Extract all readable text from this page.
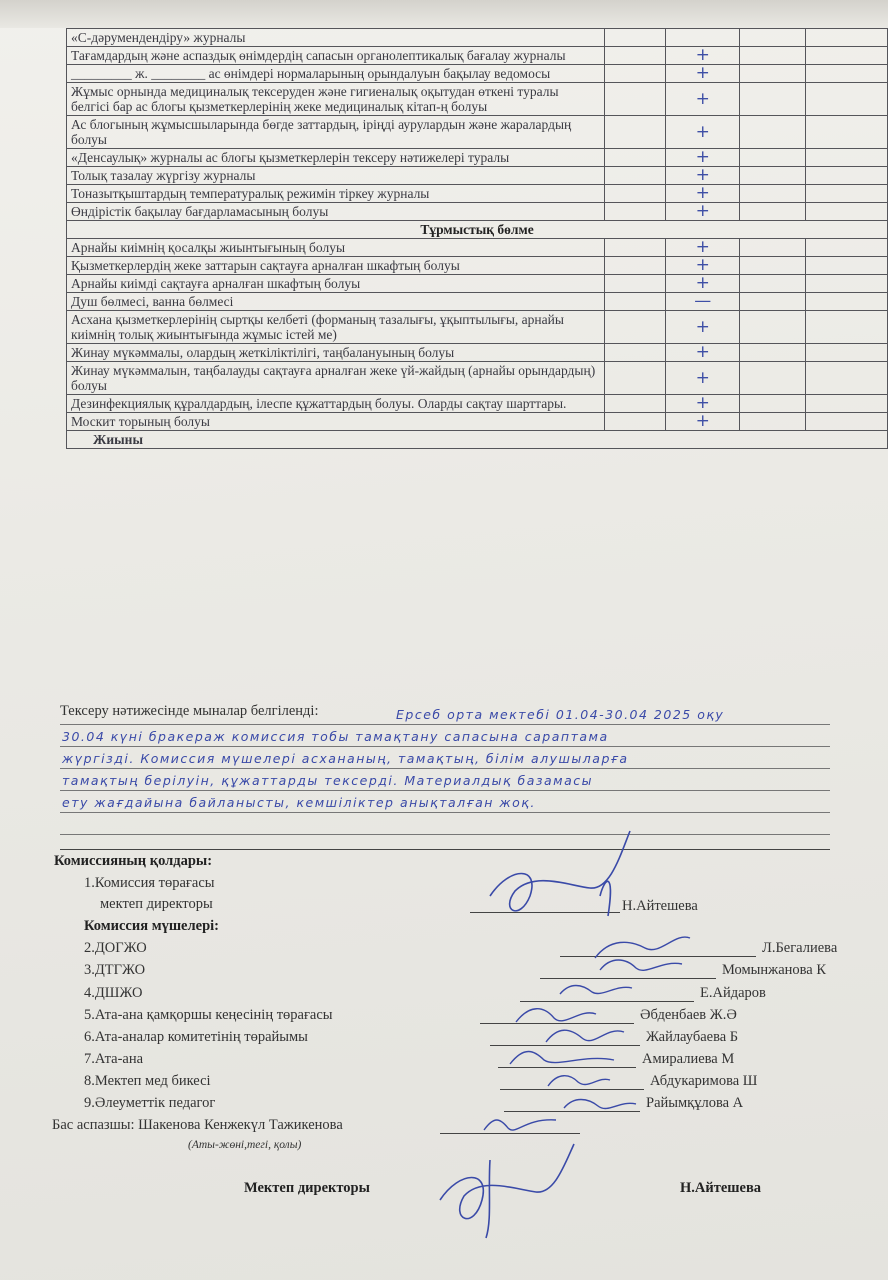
«С-дәрумендендіру» журналы				
Тағамдардың және аспаздық өнімдердің сапасын органолептикалық бағалау журналы		+		
_________ ж. ________ ас өнімдері нормаларының орындалуын бақылау ведомосы		+		
Жұмыс орнында медициналық тексеруден және гигиеналық оқытудан өткені туралы белгісі бар ас блогы қызметкерлерінің жеке медициналық кітап-ң болуы		+		
Ас блогының жұмысшыларында бөгде заттардың, іріңді аурулардын және жаралардың болуы		+		
«Денсаулық» журналы ас блогы қызметкерлерін тексеру нәтижелері туралы		+		
Толық тазалау жүргізу журналы		+		
Тоназытқыштардың температуралық режимін тіркеу журналы		+		
Өндірістік бақылау бағдарламасының болуы		+		
Тұрмыстық бөлме				
Арнайы киімнің қосалқы жиынтығының болуы		+		
Қызметкерлердің жеке заттарын сақтауға арналған шкафтың болуы		+		
Арнайы киімді сақтауға арналған шкафтың болуы		+		
Душ бөлмесі, ванна бөлмесі		—		
Асхана қызметкерлерінің сыртқы келбеті (форманың тазалығы, ұқыптылығы, арнайы киімнің толық жиынтығында жұмыс істей ме)		+		
Жинау мүкәммалы, олардың жеткіліктілігі, таңбалануының болуы		+		
Жинау мүкәммалын, таңбалауды сақтауға арналған жеке үй-жайдың (арнайы орындардың) болуы		+		
Дезинфекциялық құралдардың, ілеспе құжаттардың болуы. Оларды сақтау шарттары.		+		
Москит торының болуы		+		
Жиыны				
Тексеру нәтижесінде мыналар белгіленді:	Ерсеб орта мектебі 01.04-30.04 2025 оқу
30.04 күні бракераж комиссия тобы тамақтану сапасына сараптама
жүргізді. Комиссия мүшелері асхананың, тамақтың, білім алушыларға
тамақтың берілуін, құжаттарды тексерді. Материалдық базамасы
ету жағдайына байланысты, кемшіліктер анықталған жоқ.
Комиссияның қолдары:
1.Комиссия төрағасы
мектеп директоры	Н.Айтешева
Комиссия мүшелері:
2.ДОГЖО	Л.Бегалиева
3.ДТГЖО	Момынжанова К
4.ДШЖО	Е.Айдаров
5.Ата-ана қамқоршы кеңесінің төрағасы	Әбденбаев Ж.Ә
6.Ата-аналар комитетінің төрайымы	Жайлаубаева Б
7.Ата-ана	Амиралиева М
8.Мектеп мед бикесі	Абдукаримова Ш
9.Әлеуметтік педагог	Райымқұлова А
Бас аспазшы: Шакенова Кенжекүл Тажикенова
(Аты-жөні,тегі, қолы)
Мектеп директоры	Н.Айтешева
